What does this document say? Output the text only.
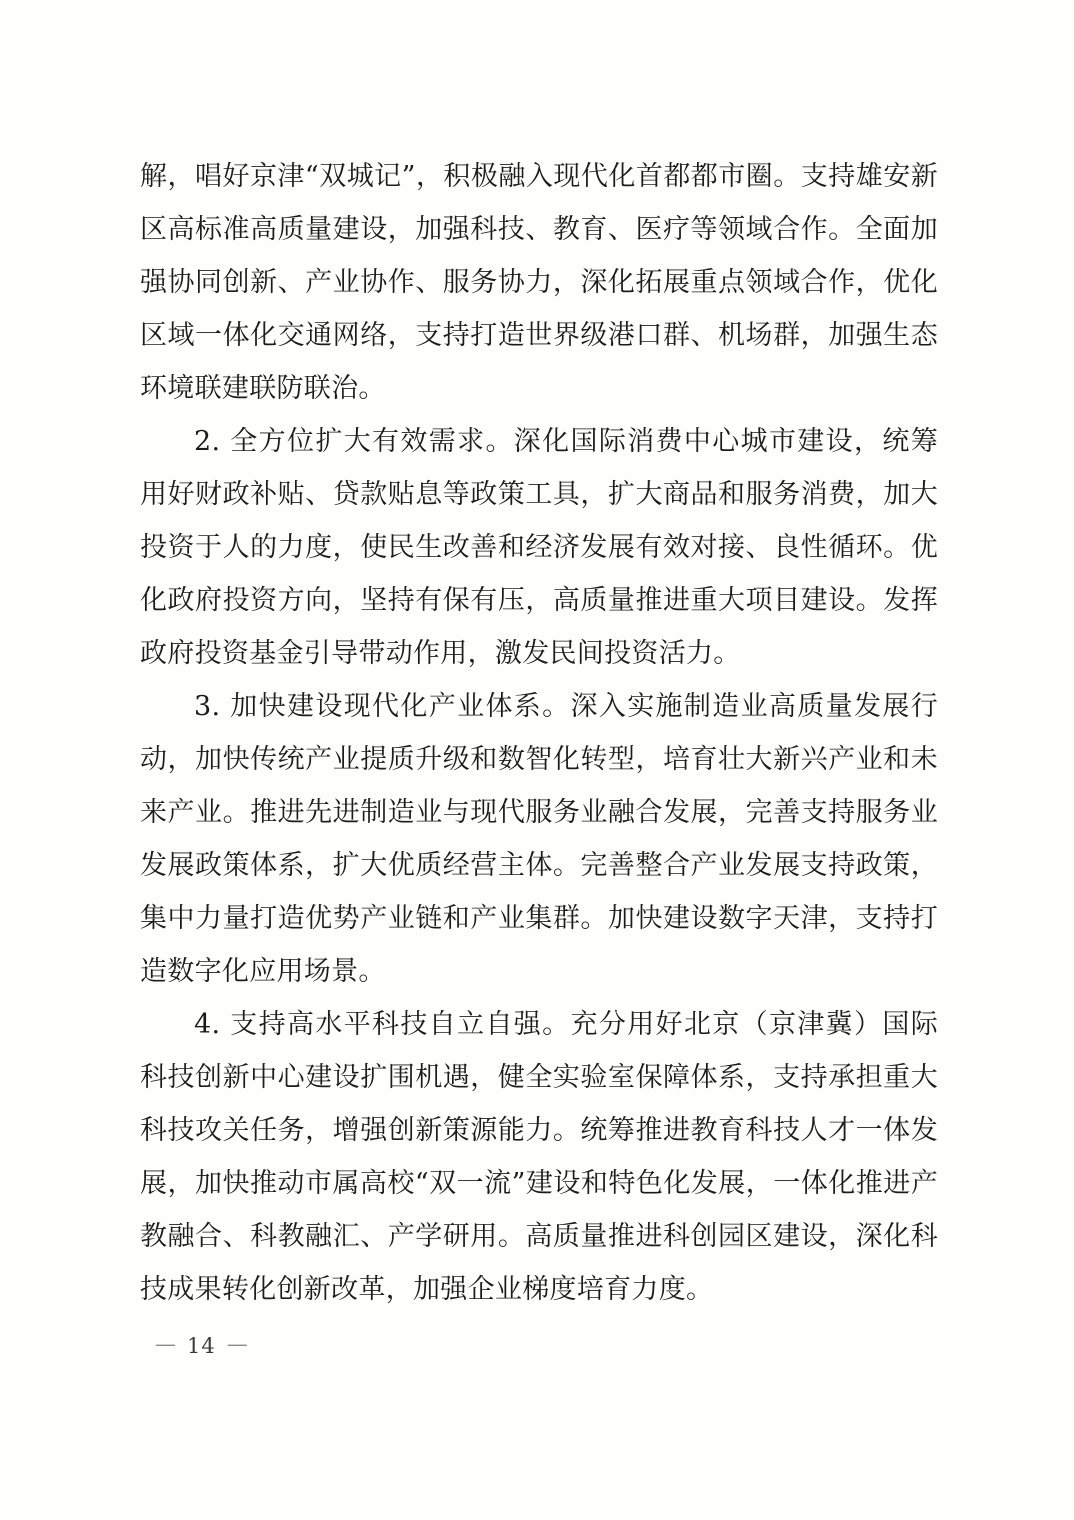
解，唱好京津“双城记”，积极融入现代化首都都市圈。支持雄安新区高标准高质量建设，加强科技、教育、医疗等领域合作。全面加强协同创新、产业协作、服务协力，深化拓展重点领域合作，优化区域一体化交通网络，支持打造世界级港口群、机场群，加强生态环境联建联防联治。

2. 全方位扩大有效需求。深化国际消费中心城市建设，统筹用好财政补贴、贷款贴息等政策工具，扩大商品和服务消费，加大投资于人的力度，使民生改善和经济发展有效对接、良性循环。优化政府投资方向，坚持有保有压，高质量推进重大项目建设。发挥政府投资基金引导带动作用，激发民间投资活力。

3. 加快建设现代化产业体系。深入实施制造业高质量发展行动，加快传统产业提质升级和数智化转型，培育壮大新兴产业和未来产业。推进先进制造业与现代服务业融合发展，完善支持服务业发展政策体系，扩大优质经营主体。完善整合产业发展支持政策，集中力量打造优势产业链和产业集群。加快建设数字天津，支持打造数字化应用场景。

4. 支持高水平科技自立自强。充分用好北京（京津冀）国际科技创新中心建设扩围机遇，健全实验室保障体系，支持承担重大科技攻关任务，增强创新策源能力。统筹推进教育科技人才一体发展，加快推动市属高校“双一流”建设和特色化发展，一体化推进产教融合、科教融汇、产学研用。高质量推进科创园区建设，深化科技成果转化创新改革，加强企业梯度培育力度。

— 14 —
